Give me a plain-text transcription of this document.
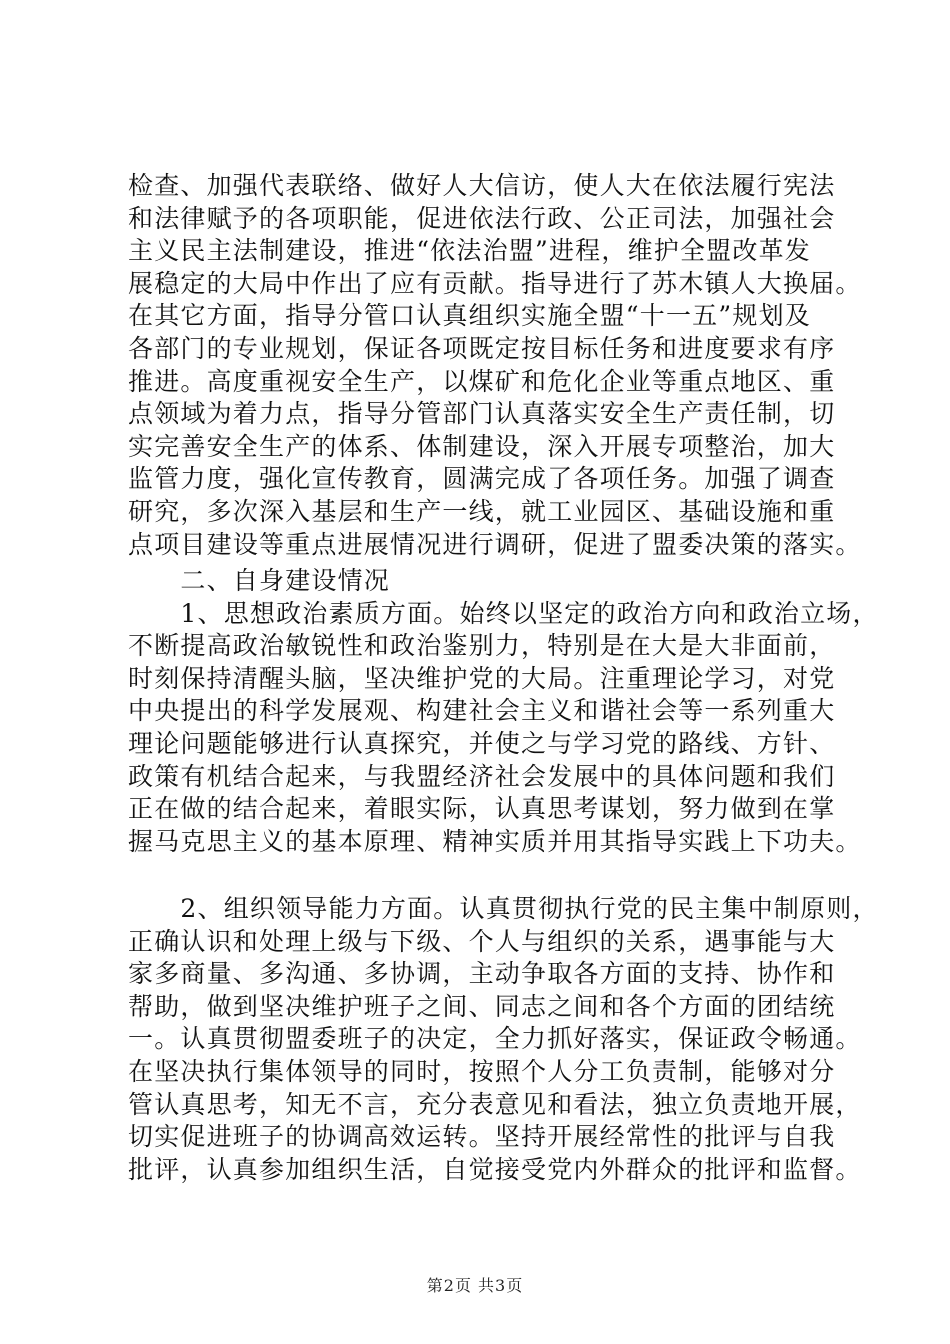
检查、加强代表联络、做好人大信访，使人大在依法履行宪法
和法律赋予的各项职能，促进依法行政、公正司法，加强社会
主义民主法制建设，推进“依法治盟”进程，维护全盟改革发
展稳定的大局中作出了应有贡献。指导进行了苏木镇人大换届。
在其它方面，指导分管口认真组织实施全盟“十一五”规划及
各部门的专业规划，保证各项既定按目标任务和进度要求有序
推进。高度重视安全生产，以煤矿和危化企业等重点地区、重
点领域为着力点，指导分管部门认真落实安全生产责任制，切
实完善安全生产的体系、体制建设，深入开展专项整治，加大
监管力度，强化宣传教育，圆满完成了各项任务。加强了调查
研究，多次深入基层和生产一线，就工业园区、基础设施和重
点项目建设等重点进展情况进行调研，促进了盟委决策的落实。
　　二、自身建设情况
　　1、思想政治素质方面。始终以坚定的政治方向和政治立场，
不断提高政治敏锐性和政治鉴别力，特别是在大是大非面前，
时刻保持清醒头脑，坚决维护党的大局。注重理论学习，对党
中央提出的科学发展观、构建社会主义和谐社会等一系列重大
理论问题能够进行认真探究，并使之与学习党的路线、方针、
政策有机结合起来，与我盟经济社会发展中的具体问题和我们
正在做的结合起来，着眼实际，认真思考谋划，努力做到在掌
握马克思主义的基本原理、精神实质并用其指导实践上下功夫。
　　2、组织领导能力方面。认真贯彻执行党的民主集中制原则，
正确认识和处理上级与下级、个人与组织的关系，遇事能与大
家多商量、多沟通、多协调，主动争取各方面的支持、协作和
帮助，做到坚决维护班子之间、同志之间和各个方面的团结统
一。认真贯彻盟委班子的决定，全力抓好落实，保证政令畅通。
在坚决执行集体领导的同时，按照个人分工负责制，能够对分
管认真思考，知无不言，充分表意见和看法，独立负责地开展，
切实促进班子的协调高效运转。坚持开展经常性的批评与自我
批评，认真参加组织生活，自觉接受党内外群众的批评和监督。
第2页 共3页
